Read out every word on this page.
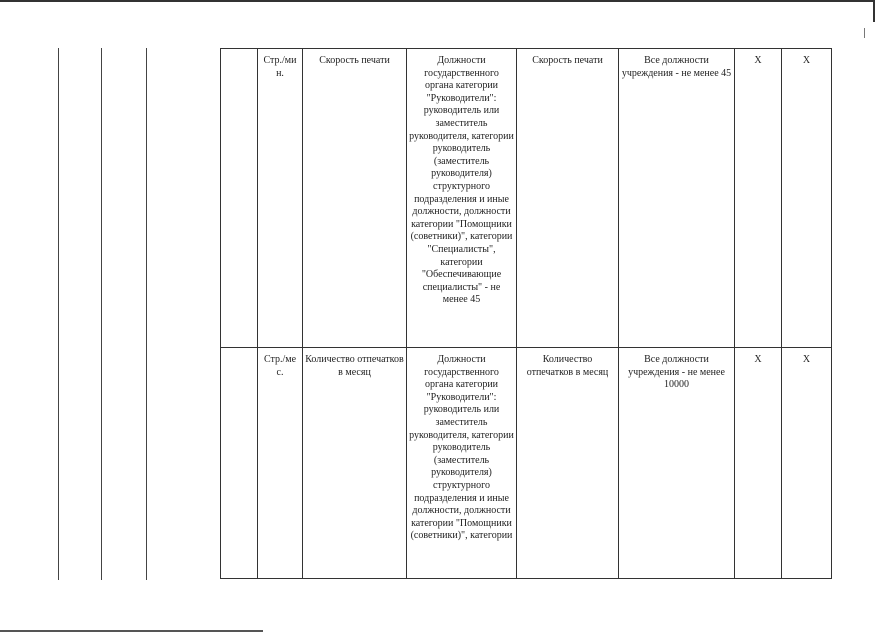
	Стр./ми н.	Скорость печати	Должности государственного органа категории "Руководители": руководитель или заместитель руководителя, категории руководитель (заместитель руководителя) структурного подразделения и иные должности, должности категории "Помощники (советники)", категории "Специалисты", категории "Обеспечивающие специалисты" - не менее 45	Скорость печати	Все должности учреждения - не менее 45	Х	Х
	Стр./ме с.	Количество отпечатков в месяц	Должности государственного органа категории "Руководители": руководитель или заместитель руководителя, категории руководитель (заместитель руководителя) структурного подразделения и иные должности, должности категории "Помощники (советники)", категории	Количество отпечатков в месяц	Все должности учреждения - не менее 10000	Х	Х
